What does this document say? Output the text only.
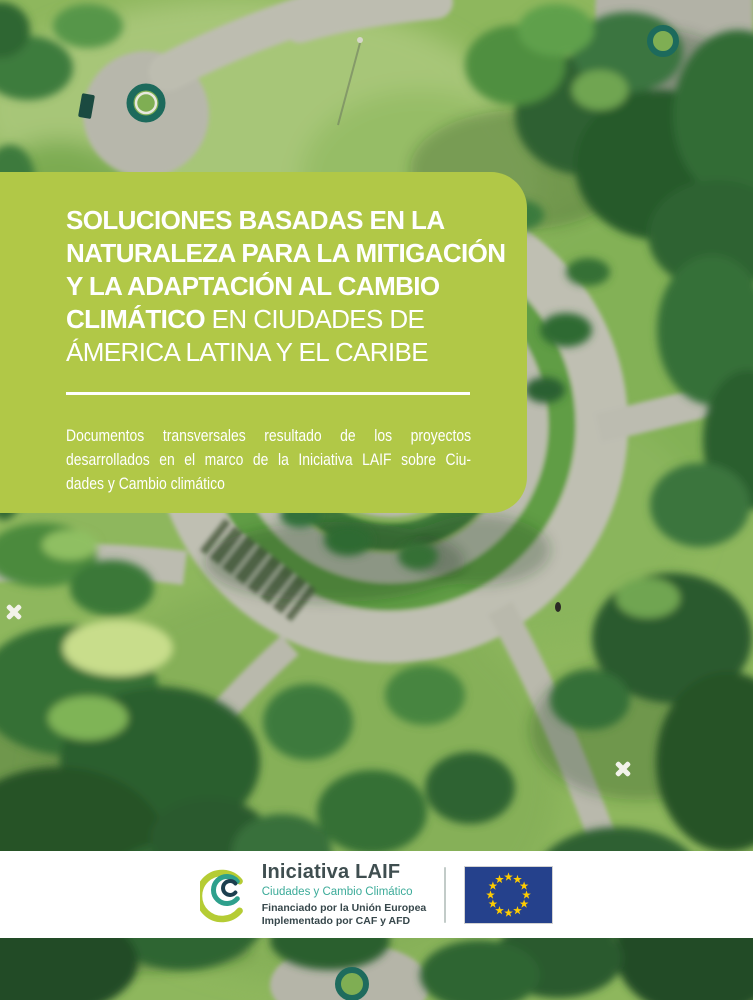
SOLUCIONES BASADAS EN LA
NATURALEZA PARA LA MITIGACIÓN
Y LA ADAPTACIÓN AL CAMBIO
CLIMÁTICO EN CIUDADES DE
ÁMERICA LATINA Y EL CARIBE
Documentos transversales resultado de los proyectos
desarrollados en el marco de la Iniciativa LAIF sobre Ciu-
dades y Cambio climático
Iniciativa LAIF
Ciudades y Cambio Climático
Financiado por la Unión Europea
Implementado por CAF y AFD
